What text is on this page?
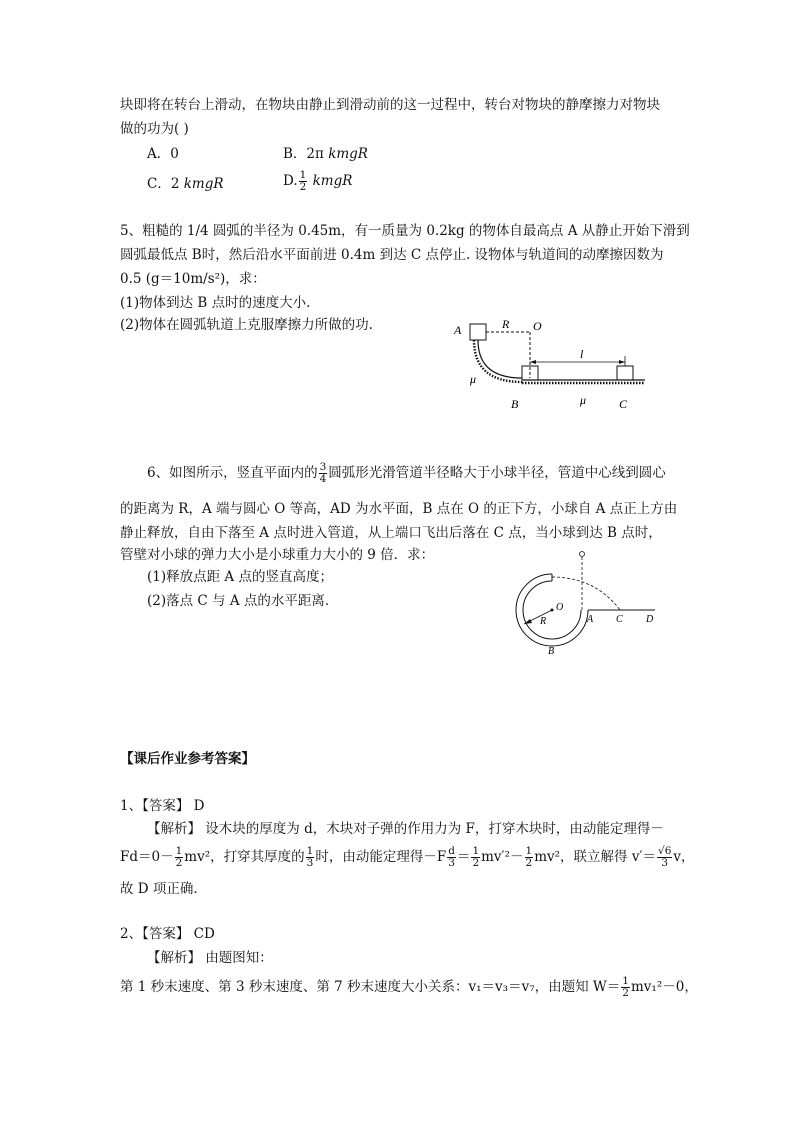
块即将在转台上滑动，在物块由静止到滑动前的这一过程中，转台对物块的静摩擦力对物块
做的功为( )
A．0	B．2π kmgR
C．2 kmgR	D. $\frac{1}{2}$ kmgR
5、粗糙的 1/4 圆弧的半径为 0.45m，有一质量为 0.2kg 的物体自最高点 A 从静止开始下滑到
圆弧最低点 B时，然后沿水平面前进 0.4m 到达 C 点停止. 设物体与轨道间的动摩擦因数为
0.5 (g＝10m/s²)，求：
(1)物体到达 B 点时的速度大小.
(2)物体在圆弧轨道上克服摩擦力所做的功.	A	R O
l
μ
B	μ	C
6、如图所示，竖直平面内的 $\frac{3}{4}$ 圆弧形光滑管道半径略大于小球半径，管道中心线到圆心
的距离为 R，A 端与圆心 O 等高，AD 为水平面，B 点在 O 的正下方，小球自 A 点正上方由
静止释放，自由下落至 A 点时进入管道，从上端口飞出后落在 C 点，当小球到达 B 点时，
管壁对小球的弹力大小是小球重力大小的 9 倍．求：
(1)释放点距 A 点的竖直高度；
(2)落点 C 与 A 点的水平距离．	O
R	A C D
B
【课后作业参考答案】
1、【答案】 D
【解析】 设木块的厚度为 d，木块对子弹的作用力为 F，打穿木块时，由动能定理得－
$Fd=0- \frac{1}{2} mv^2$，打穿其厚度的 $\frac{1}{3}$ 时，由动能定理得$-F \frac{d}{3} = \frac{1}{2} mv'^2- \frac{1}{2} mv^2$，联立解得 $v'= \frac{√6}{3}$ v，
故 D 项正确．
2、【答案】 CD
【解析】 由题图知：
第 1 秒末速度、第 3 秒末速度、第 7 秒末速度大小关系：v₁＝v₃＝v₇，由题知 $W= \frac{1}{2} mv_1^2-0$，
